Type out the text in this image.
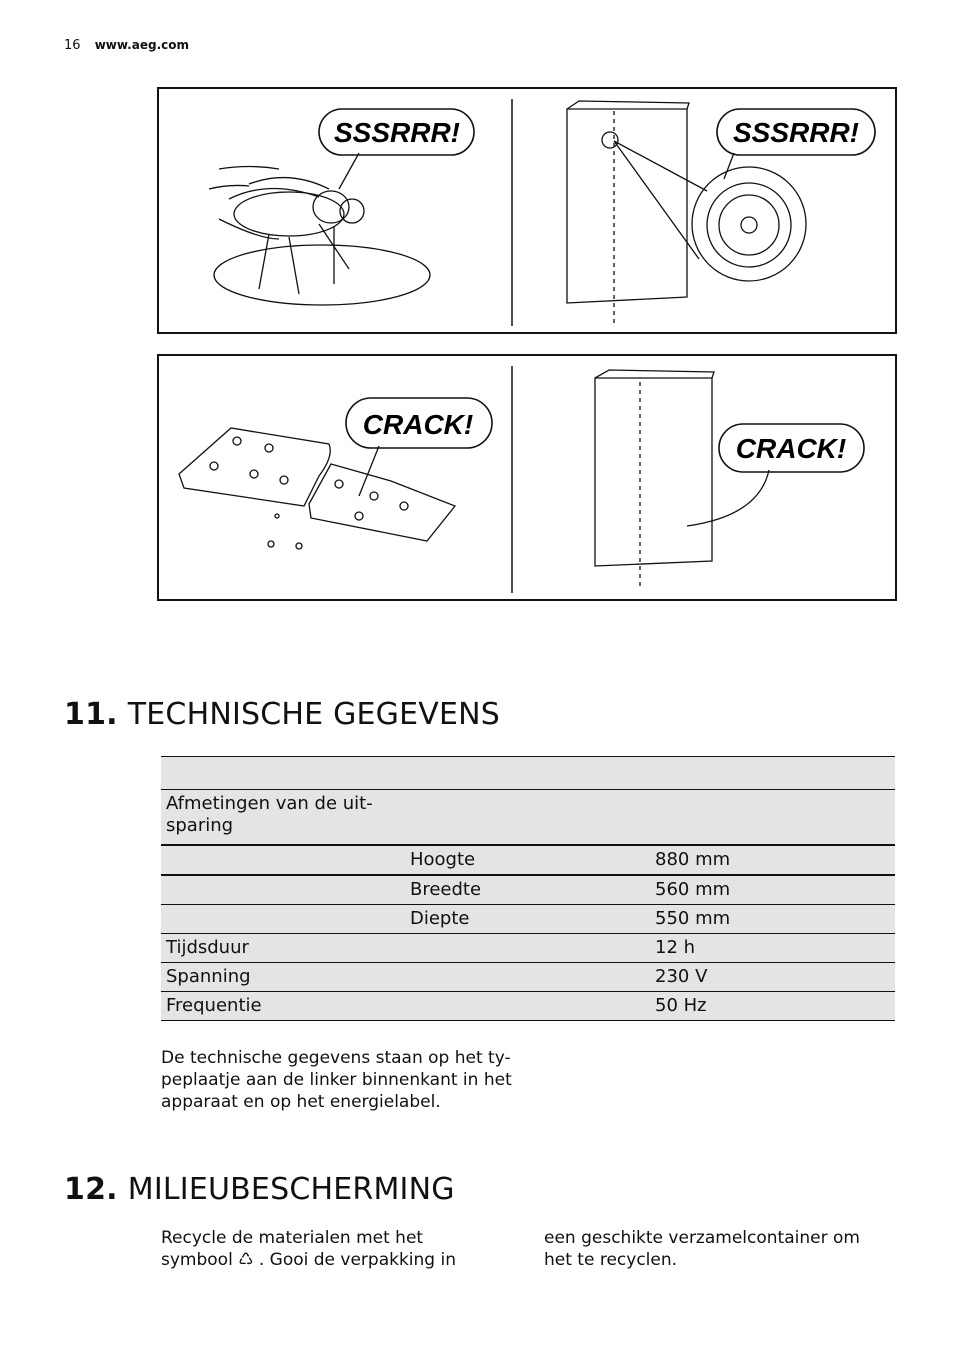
16 www.aeg.com
SSSRRR!	SSSRRR!
CRACK!
CRACK!
11. TECHNISCHE GEGEVENS

Afmetingen van de uit-sparing		
	Hoogte	880 mm
	Breedte	560 mm
	Diepte	550 mm
Tijdsduur		12 h
Spanning		230 V
Frequentie		50 Hz
De technische gegevens staan op het ty- peplaatje aan de linker binnenkant in het apparaat en op het energielabel.
12. MILIEUBESCHERMING
Recycle de materialen met het symbool ♺ . Gooi de verpakking in
een geschikte verzamelcontainer om het te recyclen.
